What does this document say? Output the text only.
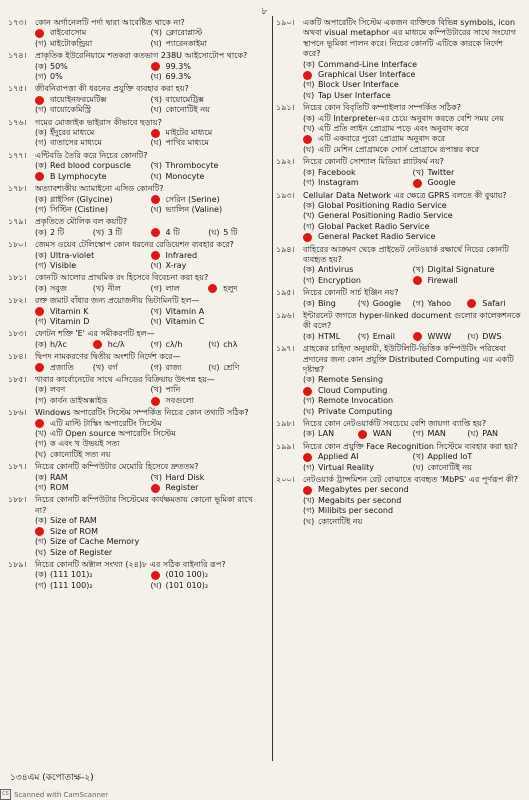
৮
১৭৩।	কোন অর্গানেলটি পর্দা দ্বারা আবেষ্টিত থাকে না?
রাইবোসোম	(খ) ক্লোরোপ্লাস্ট
(গ) মাইটোকন্ড্রিয়া	(ঘ) প্যারেনকাইমা
১৭৪।	প্রাকৃতিক ইউরেনিয়ামে শতকরা কতভাগ 238U আইসোটোপ থাকে?
(ক) 50%	99.3%
(গ) 0%	(ঘ) 69.3%
১৭৫।	জীবনিরাপত্তা কী ধরনের প্রযুক্তি ব্যবহার করা হয়?
বায়োইনফরমেটিক্স	(খ) বায়োমেট্রিক্স
(গ) বায়োকেমিস্ট্রি	(ঘ) কোনোটিই নয়
১৭৬।	গমের মোজাইক ভাইরাস কীভাবে ছড়ায়?
(ক) ইঁদুরের মাধ্যমে	মাইটের মাধ্যমে
(গ) বাতাসের মাধ্যমে	(ঘ) পাখির মাধ্যমে
১৭৭।	এন্টিবডি তৈরি করে নিচের কোনটি?
(ক) Red blood corpuscle (খ) Thrombocyte
B Lymphocyte	(ঘ) Monocyte
১৭৮।	অত্যাবশ্যকীয় অ্যামাইনো এসিড কোনটি?
(ক) গ্লাইসিন (Glycine)	সেরিন (Serine)
(গ) সিস্টিন (Cistine)	(ঘ) ভ্যালিন (Valine)
১৭৯।	প্রকৃতিতে মৌলিক বল কয়টি?
(ক) 2 টি	(খ) 3 টি	4 টি	(ঘ) 5 টি
১৮০।	জেমস ওয়েব টেলিস্কোপ কোন ধরনের রেডিয়েশন ব্যবহার করে?
(ক) Ultra-violet	Infrared
(গ) Visible	(ঘ) X-ray
১৮১।	কোনটি আলোর প্রাথমিক রং হিসেবে বিবেচনা করা হয়?
(ক) সবুজ	(খ) নীল	(গ) লাল	হলুদ
১৮২।	রক্ত জমাট বাঁধার জন্য প্রয়োজনীয় ভিটামিনটি হল—
Vitamin K	(খ) Vitamin A
(গ) Vitamin D	(ঘ) Vitamin C
১৮৩।	ফোটন শক্তি 'E' এর সমীকরণটি হল—
(ক) h/λc	hc/λ	(গ) cλ/h	(ঘ) chλ
১৮৪।	দ্বিপদ নামকরণের দ্বিতীয় অংশটি নির্দেশ করে—
প্রজাতি (খ) বর্গ	(গ) রাজ্য	(ঘ) শ্রেণি
১৮৫।	খাবার কার্বোনেটের সাথে এসিডের বিক্রিয়ায় উৎপন্ন হয়—
(ক) লবণ	(খ) পানি
(গ) কার্বন ডাইঅক্সাইড	সবগুলো
১৮৬।	Windows অপারেটিং সিস্টেম সম্পর্কিত নিচের কোন তথ্যটি সঠিক?
এটি মাল্টি টাস্কিং অপারেটিং সিস্টেম
(খ) এটি Open source অপারেটিং সিস্টেম
(গ) ক এবং খ উভয়ই সত্য
(ঘ) কোনোটিই সত্য নয়
১৮৭।	নিচের কোনটি কম্পিউটার মেমোরি হিসেবে দ্রুততম?
(ক) RAM	(খ) Hard Disk
(গ) ROM	Register
১৮৮।	নিচের কোনটি কম্পিউটার সিস্টেমের কার্যক্ষমতায় কোনো ভূমিকা রাখে না?
(ক) Size of RAM
Size of ROM
(গ) Size of Cache Memory
(ঘ) Size of Register
১৮৯।	নিচের কোনটি অক্টাল সংখ্যা (২৪)৮ এর সঠিক বাইনারি রূপ?
(ক) (111 101)₂	(010 100)₂
(গ) (111 100)₂	(ঘ) (101 010)₂
১৯০।	একটি অপারেটিং সিস্টেম একজন ব্যক্তিকে বিভিন্ন symbols, icon অথবা visual metaphor এর মাধ্যমে কম্পিউটারের সাথে সংযোগ স্থাপনে ভূমিকা পালন করে। নিচের কোনটি এটিকে কারকে নির্দেশ করে?
(ক) Command-Line Interface
Graphical User Interface
(গ) Block User Interface
(ঘ) Tap User Interface
১৯১।	নিচের কোন বিবৃতিটি কম্পাইলার সম্পর্কিত সঠিক?
(ক) এটি Interpreter-এর চেয়ে অনুবাদ করতে বেশি সময় নেয়
(খ) এটি প্রতি লাইন প্রোগ্রাম পড়ে এবং অনুবাদ করে
এটি একবারে পুরো প্রোগ্রাম অনুবাদ করে
(ঘ) এটি মেশিন প্রোগ্রামকে সোর্স প্রোগ্রামে রূপান্তর করে
১৯২।	নিচের কোনটি সোশ্যাল মিডিয়া প্ল্যাটফর্ম নয়?
(ক) Facebook	(খ) Twitter
(গ) Instagram	Google
১৯৩।	Cellular Data Network এর ক্ষেত্রে GPRS বলতে কী বুঝায়?
(ক) Global Positioning Radio Service
(খ) General Positioning Radio Service
(গ) Global Packet Radio Service
General Packet Radio Service
১৯৪।	বাহিরের আক্রমণ থেকে প্রাইভেট নেটওয়ার্ক রক্ষার্থে নিচের কোনটি ব্যবহৃত হয়?
(ক) Antivirus	(খ) Digital Signature
(গ) Encryption	Firewall
১৯৫।	নিচের কোনটি সার্চ ইঞ্জিন নয়?
(ক) Bing	(খ) Google (গ) Yahoo	Safari
১৯৬।	ইন্টারনেট জগতে hyper-linked document গুলোর কালেকশনকে কী বলে?
(ক) HTML (খ) Email	WWW (ঘ) DWS
১৯৭।	গ্রাহকের চাহিদা অনুযায়ী, ইউটিলিটি-ভিত্তিক কম্পিউটিং পরিষেবা প্রদানের জন্য কোন প্রযুক্তি Distributed Computing এর একটি দৃষ্টান্ত?
(ক) Remote Sensing
Cloud Computing
(গ) Remote Invocation
(ঘ) Private Computing
১৯৮।	নিচের কোন নেটওয়ার্কটি সবচেয়ে বেশি জায়গা ব্যাপ্তি হয়?
(ক) LAN	WAN	(গ) MAN	(ঘ) PAN
১৯৯।	নিচের কোন প্রযুক্তি Face Recognition সিস্টেমে ব্যবহার করা হয়?
Applied AI	(খ) Applied IoT
(গ) Virtual Reality	(ঘ) কোনোটিই নয়
২০০।	নেটওয়ার্ক ট্রান্সমিশন রেট বোঝাতে ব্যবহৃত 'MbPS' এর পূর্ণরূপ কী?
Megabytes per second
(খ) Megabits per second
(গ) Milibits per second
(ঘ) কোনোটিই নয়
১৩৪এম (কপোতাক্ষ-২)
CS Scanned with CamScanner
